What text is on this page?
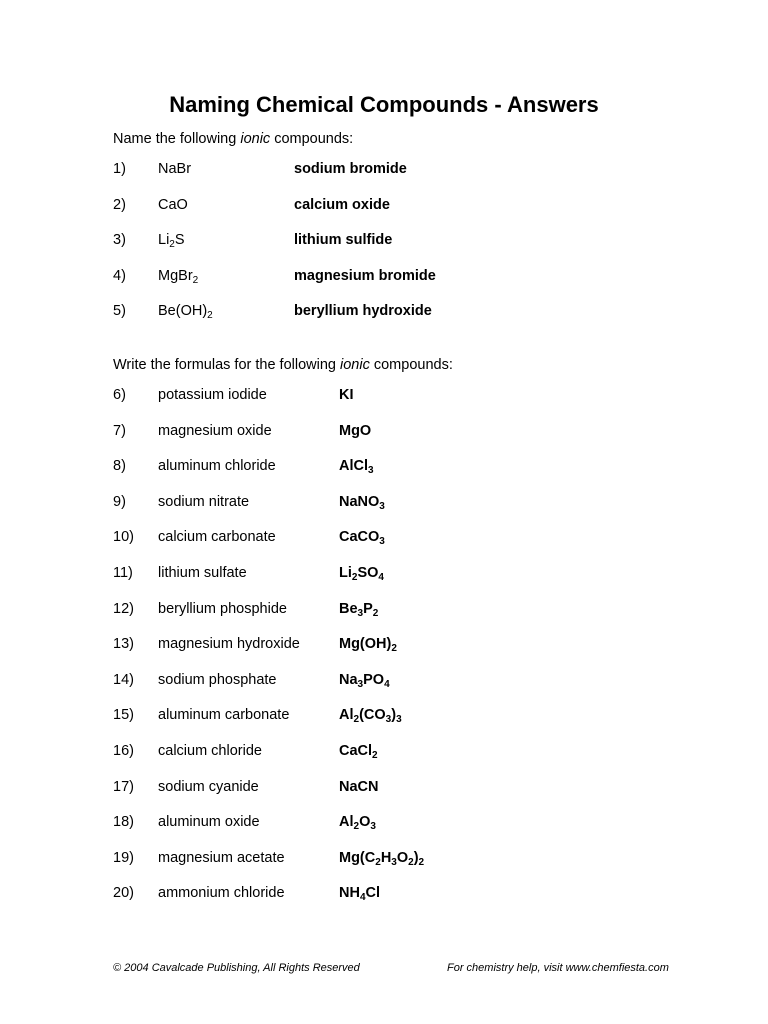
Naming Chemical Compounds - Answers
Name the following ionic compounds:
1) NaBr	sodium bromide
2) CaO	calcium oxide
3) $Li_2S$	lithium sulfide
4) MgBr$_2$	magnesium bromide
5) $Be(OH)_2$	beryllium hydroxide
Write the formulas for the following ionic compounds:
6) potassium iodide	KI
7) magnesium oxide	MgO
8) aluminum chloride	AlCl$_3$
9) sodium nitrate	NaNO$_3$
10) calcium carbonate	CaCO$_3$
11) lithium sulfate	$Li_2SO_4$
12) beryllium phosphide	$Be_3P_2$
13) magnesium hydroxide	$Mg(OH)_2$
14) sodium phosphate	$Na_3PO_4$
15) aluminum carbonate	$Al_2(CO_3)_3$
16) calcium chloride	CaCl$_2$
17) sodium cyanide	NaCN
18) aluminum oxide	$Al_2O_3$
19) magnesium acetate	$Mg(C_2H_3O_2)_2$
20) ammonium chloride	$NH_4Cl$
© 2004 Cavalcade Publishing, All Rights Reserved	For chemistry help, visit www.chemfiesta.com
